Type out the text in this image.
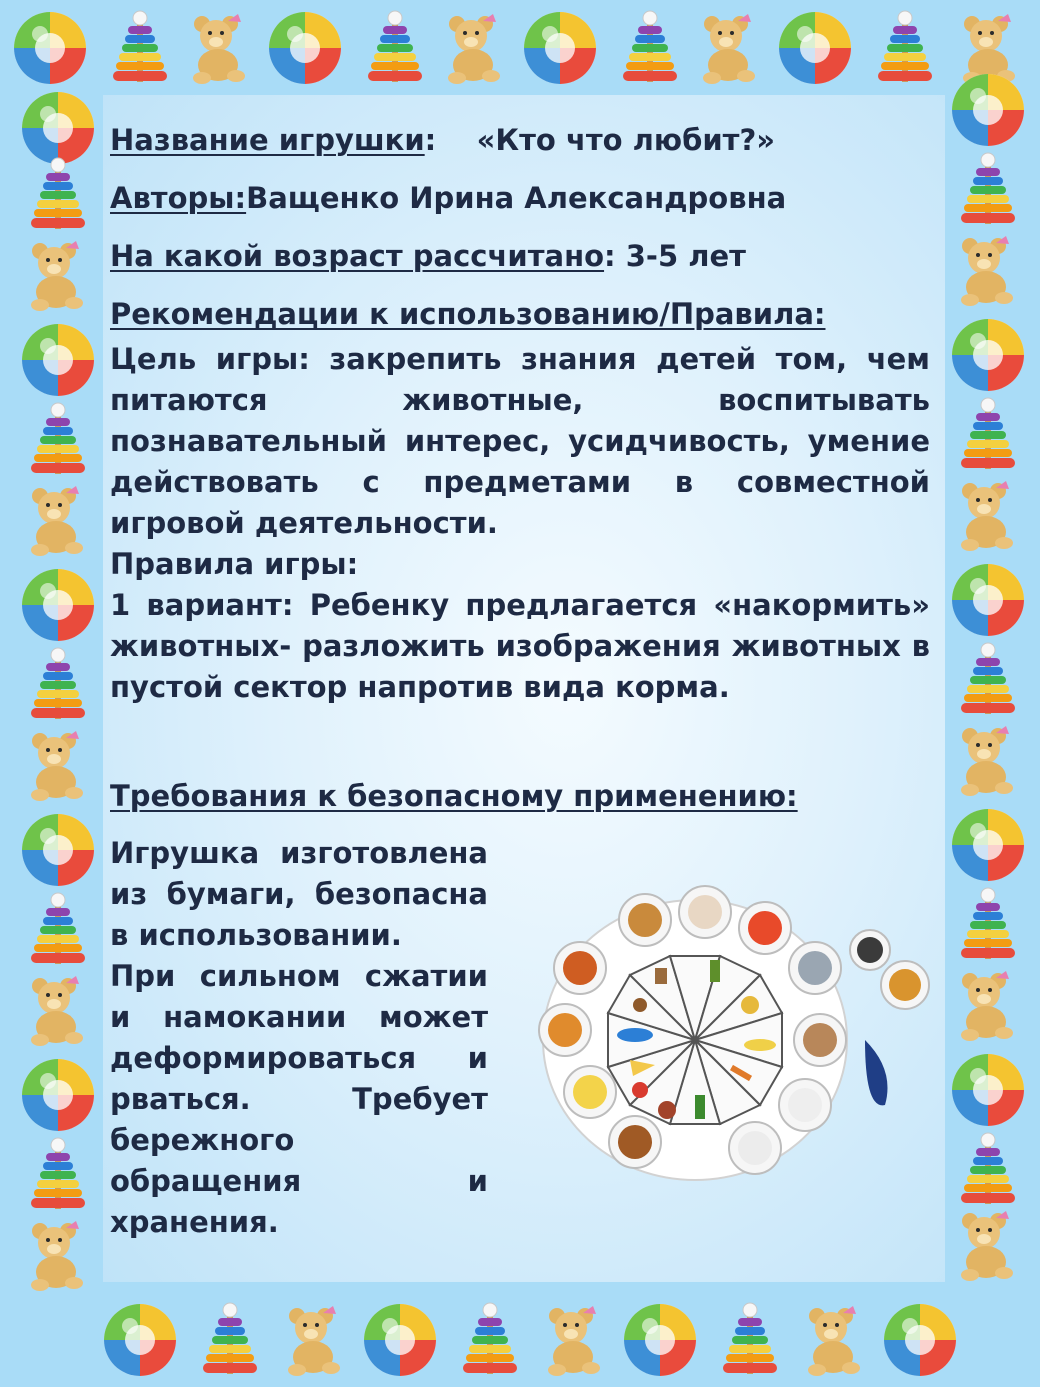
Название игрушки: «Кто что любит?»

Авторы:Ващенко Ирина Александровна

На какой возраст рассчитано: 3-5 лет

Рекомендации к использованию/Правила:

Цель игры: закрепить знания детей том, чем питаются животные, воспитывать познавательный интерес, усидчивость, умение действовать с предметами в совместной игровой деятельности.

Правила игры:

1 вариант: Ребенку предлагается «накормить» животных- разложить изображения животных в пустой сектор напротив вида корма.

Требования к безопасному применению:

Игрушка изготовлена из бумаги, безопасна в использовании.

При сильном сжатии и намокании может деформироваться и рваться. Требует бережного обращения и хранения.
